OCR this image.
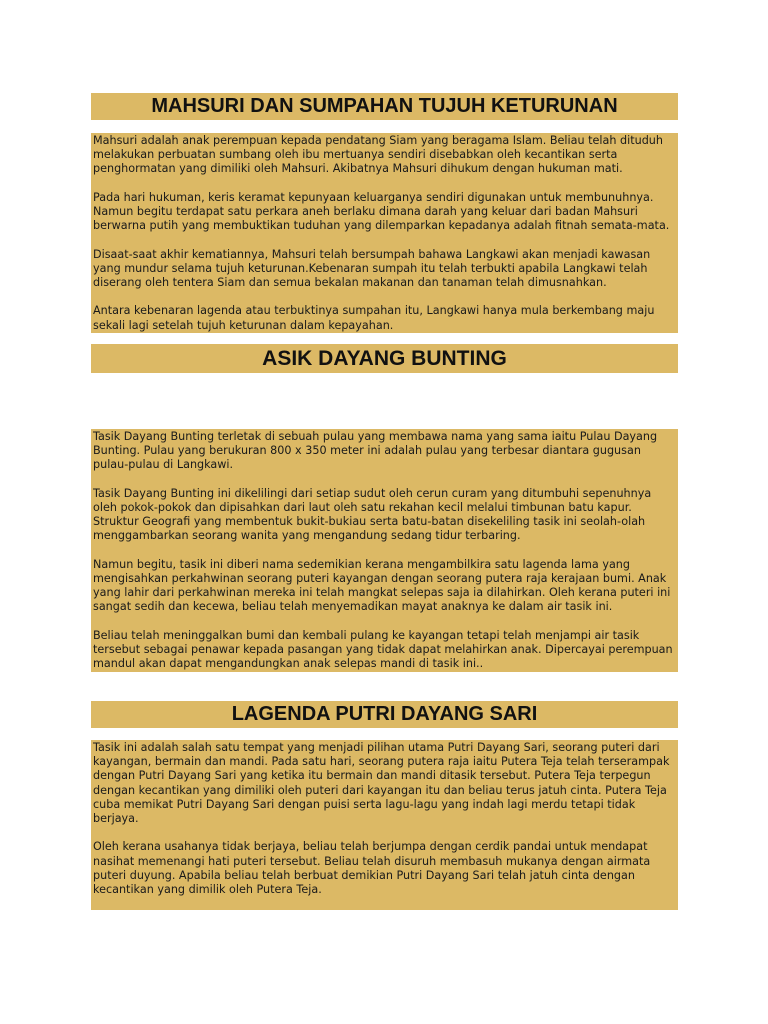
MAHSURI DAN SUMPAHAN TUJUH KETURUNAN

Mahsuri adalah anak perempuan kepada pendatang Siam yang beragama Islam. Beliau telah dituduh
melakukan perbuatan sumbang oleh ibu mertuanya sendiri disebabkan oleh kecantikan serta
penghormatan yang dimiliki oleh Mahsuri. Akibatnya Mahsuri dihukum dengan hukuman mati.

Pada hari hukuman, keris keramat kepunyaan keluarganya sendiri digunakan untuk membunuhnya.
Namun begitu terdapat satu perkara aneh berlaku dimana darah yang keluar dari badan Mahsuri
berwarna putih yang membuktikan tuduhan yang dilemparkan kepadanya adalah fitnah semata-mata.

Disaat-saat akhir kematiannya, Mahsuri telah bersumpah bahawa Langkawi akan menjadi kawasan
yang mundur selama tujuh keturunan.Kebenaran sumpah itu telah terbukti apabila Langkawi telah
diserang oleh tentera Siam dan semua bekalan makanan dan tanaman telah dimusnahkan.

Antara kebenaran lagenda atau terbuktinya sumpahan itu, Langkawi hanya mula berkembang maju
sekali lagi setelah tujuh keturunan dalam kepayahan.

ASIK DAYANG BUNTING

Tasik Dayang Bunting terletak di sebuah pulau yang membawa nama yang sama iaitu Pulau Dayang
Bunting. Pulau yang berukuran 800 x 350 meter ini adalah pulau yang terbesar diantara gugusan
pulau-pulau di Langkawi.

Tasik Dayang Bunting ini dikelilingi dari setiap sudut oleh cerun curam yang ditumbuhi sepenuhnya
oleh pokok-pokok dan dipisahkan dari laut oleh satu rekahan kecil melalui timbunan batu kapur.
Struktur Geografi yang membentuk bukit-bukiau serta batu-batan disekeliling tasik ini seolah-olah
menggambarkan seorang wanita yang mengandung sedang tidur terbaring.

Namun begitu, tasik ini diberi nama sedemikian kerana mengambilkira satu lagenda lama yang
mengisahkan perkahwinan seorang puteri kayangan dengan seorang putera raja kerajaan bumi. Anak
yang lahir dari perkahwinan mereka ini telah mangkat selepas saja ia dilahirkan. Oleh kerana puteri ini
sangat sedih dan kecewa, beliau telah menyemadikan mayat anaknya ke dalam air tasik ini.

Beliau telah meninggalkan bumi dan kembali pulang ke kayangan tetapi telah menjampi air tasik
tersebut sebagai penawar kepada pasangan yang tidak dapat melahirkan anak. Dipercayai perempuan
mandul akan dapat mengandungkan anak selepas mandi di tasik ini..

LAGENDA PUTRI DAYANG SARI

Tasik ini adalah salah satu tempat yang menjadi pilihan utama Putri Dayang Sari, seorang puteri dari
kayangan, bermain dan mandi. Pada satu hari, seorang putera raja iaitu Putera Teja telah terserampak
dengan Putri Dayang Sari yang ketika itu bermain dan mandi ditasik tersebut. Putera Teja terpegun
dengan kecantikan yang dimiliki oleh puteri dari kayangan itu dan beliau terus jatuh cinta. Putera Teja
cuba memikat Putri Dayang Sari dengan puisi serta lagu-lagu yang indah lagi merdu tetapi tidak
berjaya.

Oleh kerana usahanya tidak berjaya, beliau telah berjumpa dengan cerdik pandai untuk mendapat
nasihat memenangi hati puteri tersebut. Beliau telah disuruh membasuh mukanya dengan airmata
puteri duyung. Apabila beliau telah berbuat demikian Putri Dayang Sari telah jatuh cinta dengan
kecantikan yang dimilik oleh Putera Teja.
